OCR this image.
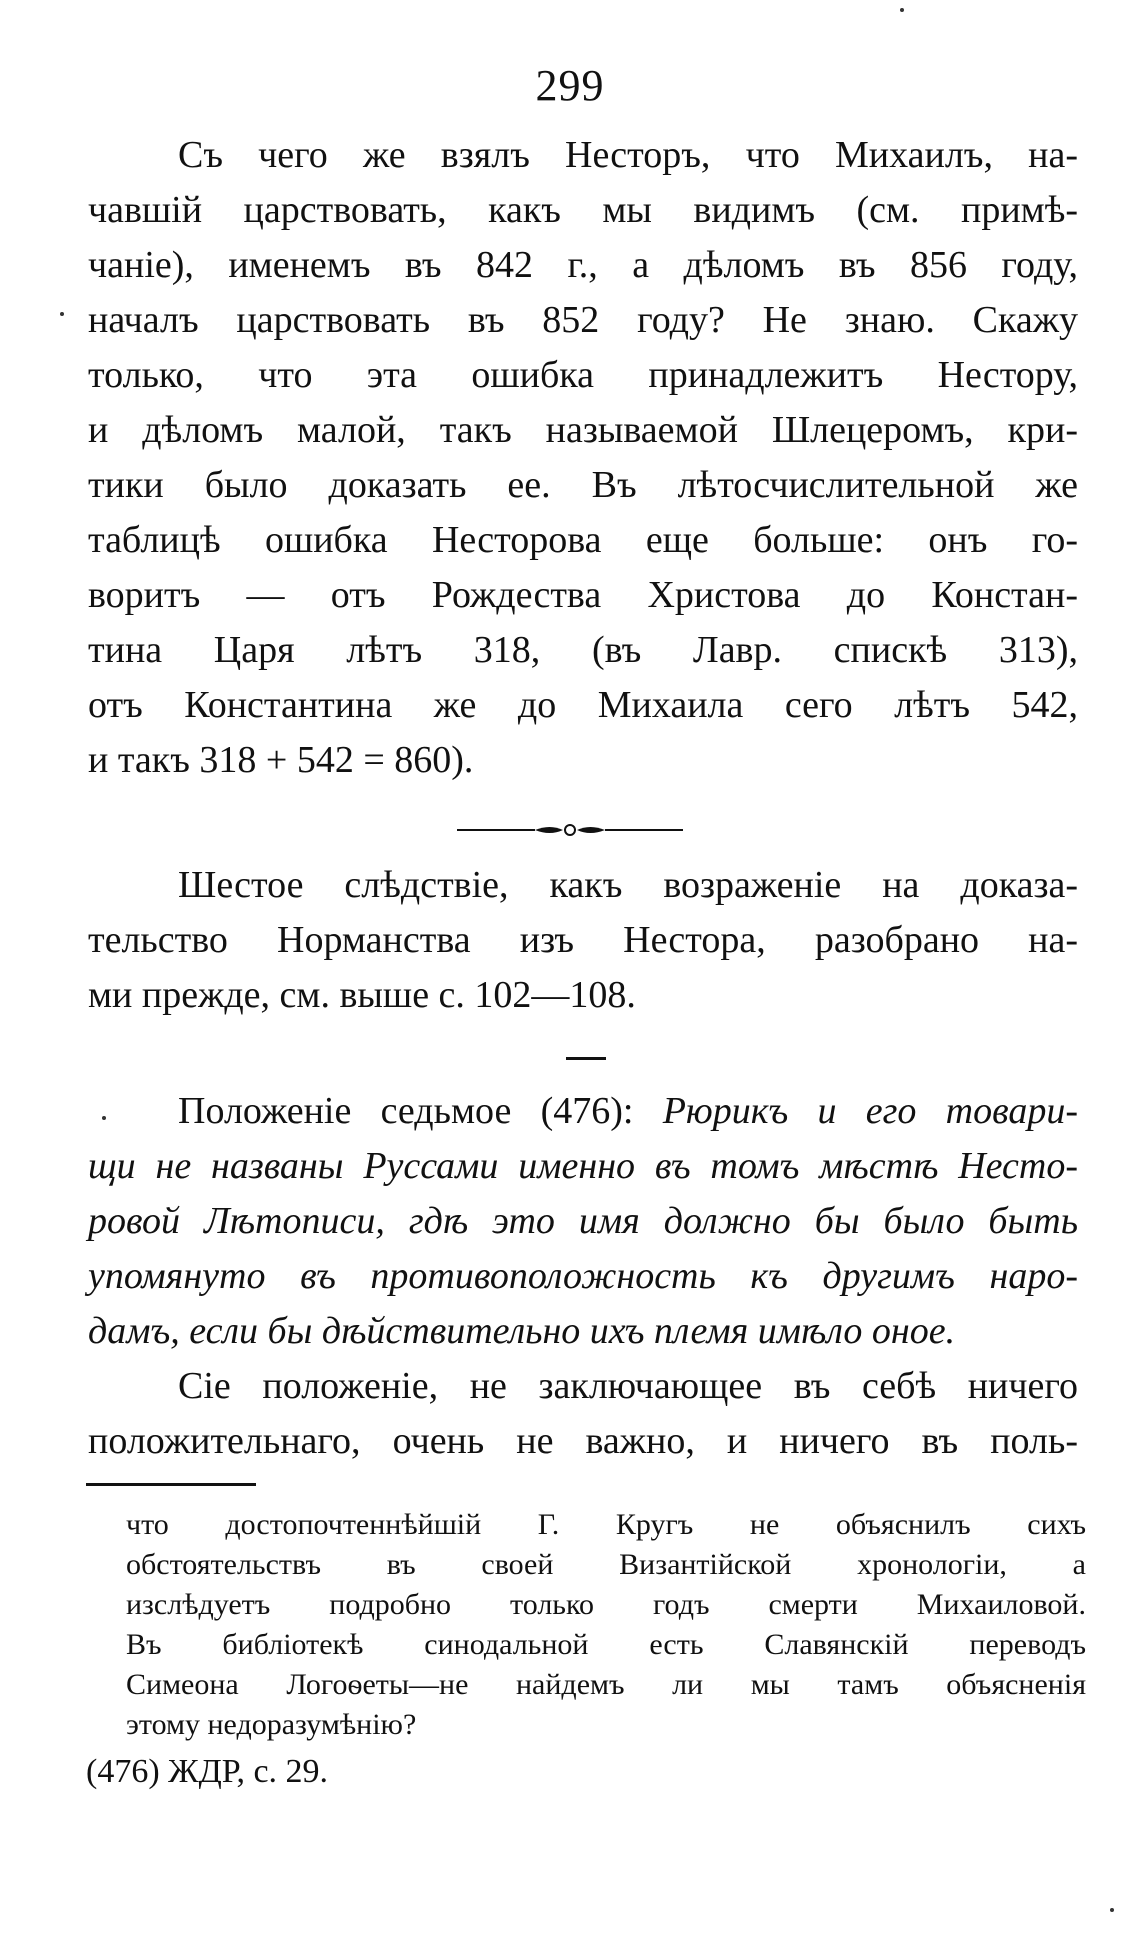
299
Съ чего же взялъ Несторъ, что Михаилъ, на-
чавшій царствовать, какъ мы видимъ (см. примѣ-
чаніе), именемъ въ 842 г., а дѣломъ въ 856 году,
началъ царствовать въ 852 году? Не знаю. Скажу
только, что эта ошибка принадлежитъ Нестору,
и дѣломъ малой, такъ называемой Шлецеромъ, кри-
тики было доказать ее. Въ лѣтосчислительной же
таблицѣ ошибка Несторова еще больше: онъ го-
воритъ — отъ Рождества Христова до Констан-
тина Царя лѣтъ 318, (въ Лавр. спискѣ 313),
отъ Константина же до Михаила сего лѣтъ 542,
и такъ 318 + 542 = 860).
Шестое слѣдствіе, какъ возраженіе на доказа-
тельство Норманства изъ Нестора, разобрано на-
ми прежде, см. выше с. 102—108.
Положеніе седьмое (476): Рюрикъ и его товари-
щи не названы Руссами именно въ томъ мѣстѣ Несто-
ровой Лѣтописи, гдѣ это имя должно бы было быть
упомянуто въ противоположность къ другимъ наро-
дамъ, если бы дѣйствительно ихъ племя имѣло оное.
Сіе положеніе, не заключающее въ себѣ ничего
положительнаго, очень не важно, и ничего въ поль-
что достопочтеннѣйшій Г. Кругъ не объяснилъ сихъ
обстоятельствъ въ своей Византійской хронологіи, а
изслѣдуетъ подробно только годъ смерти Михаиловой.
Въ библіотекѣ синодальной есть Славянскій переводъ
Симеона Логоѳеты—не найдемъ ли мы тамъ объясненія
этому недоразумѣнію?
(476) ЖДР, с. 29.
